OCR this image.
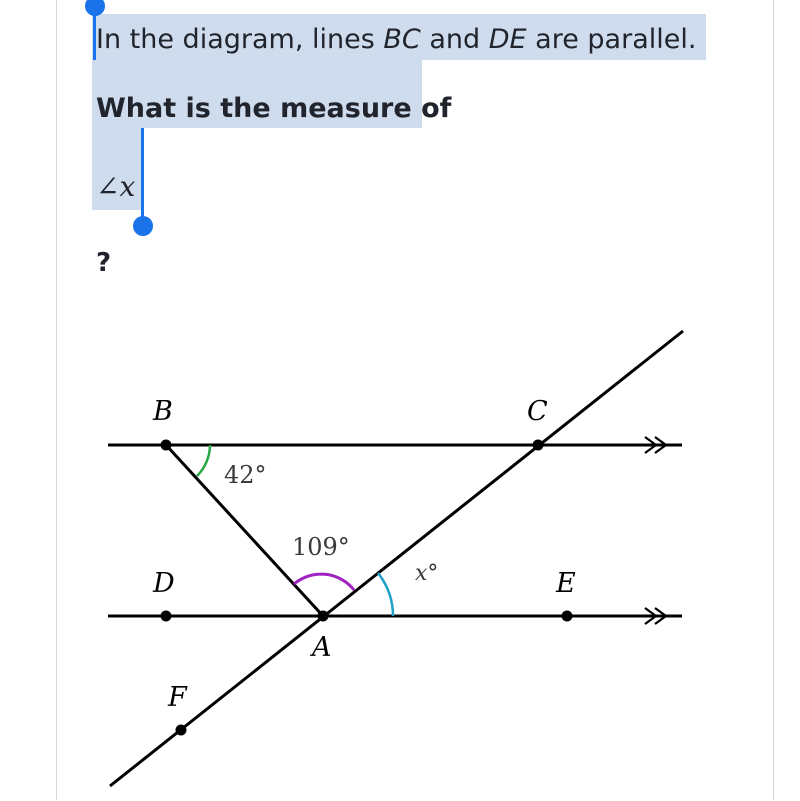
In the diagram, lines BC and DE are parallel.
What is the measure of
∠x
?
B	C
D	E
A
F
42°
109°
x°
